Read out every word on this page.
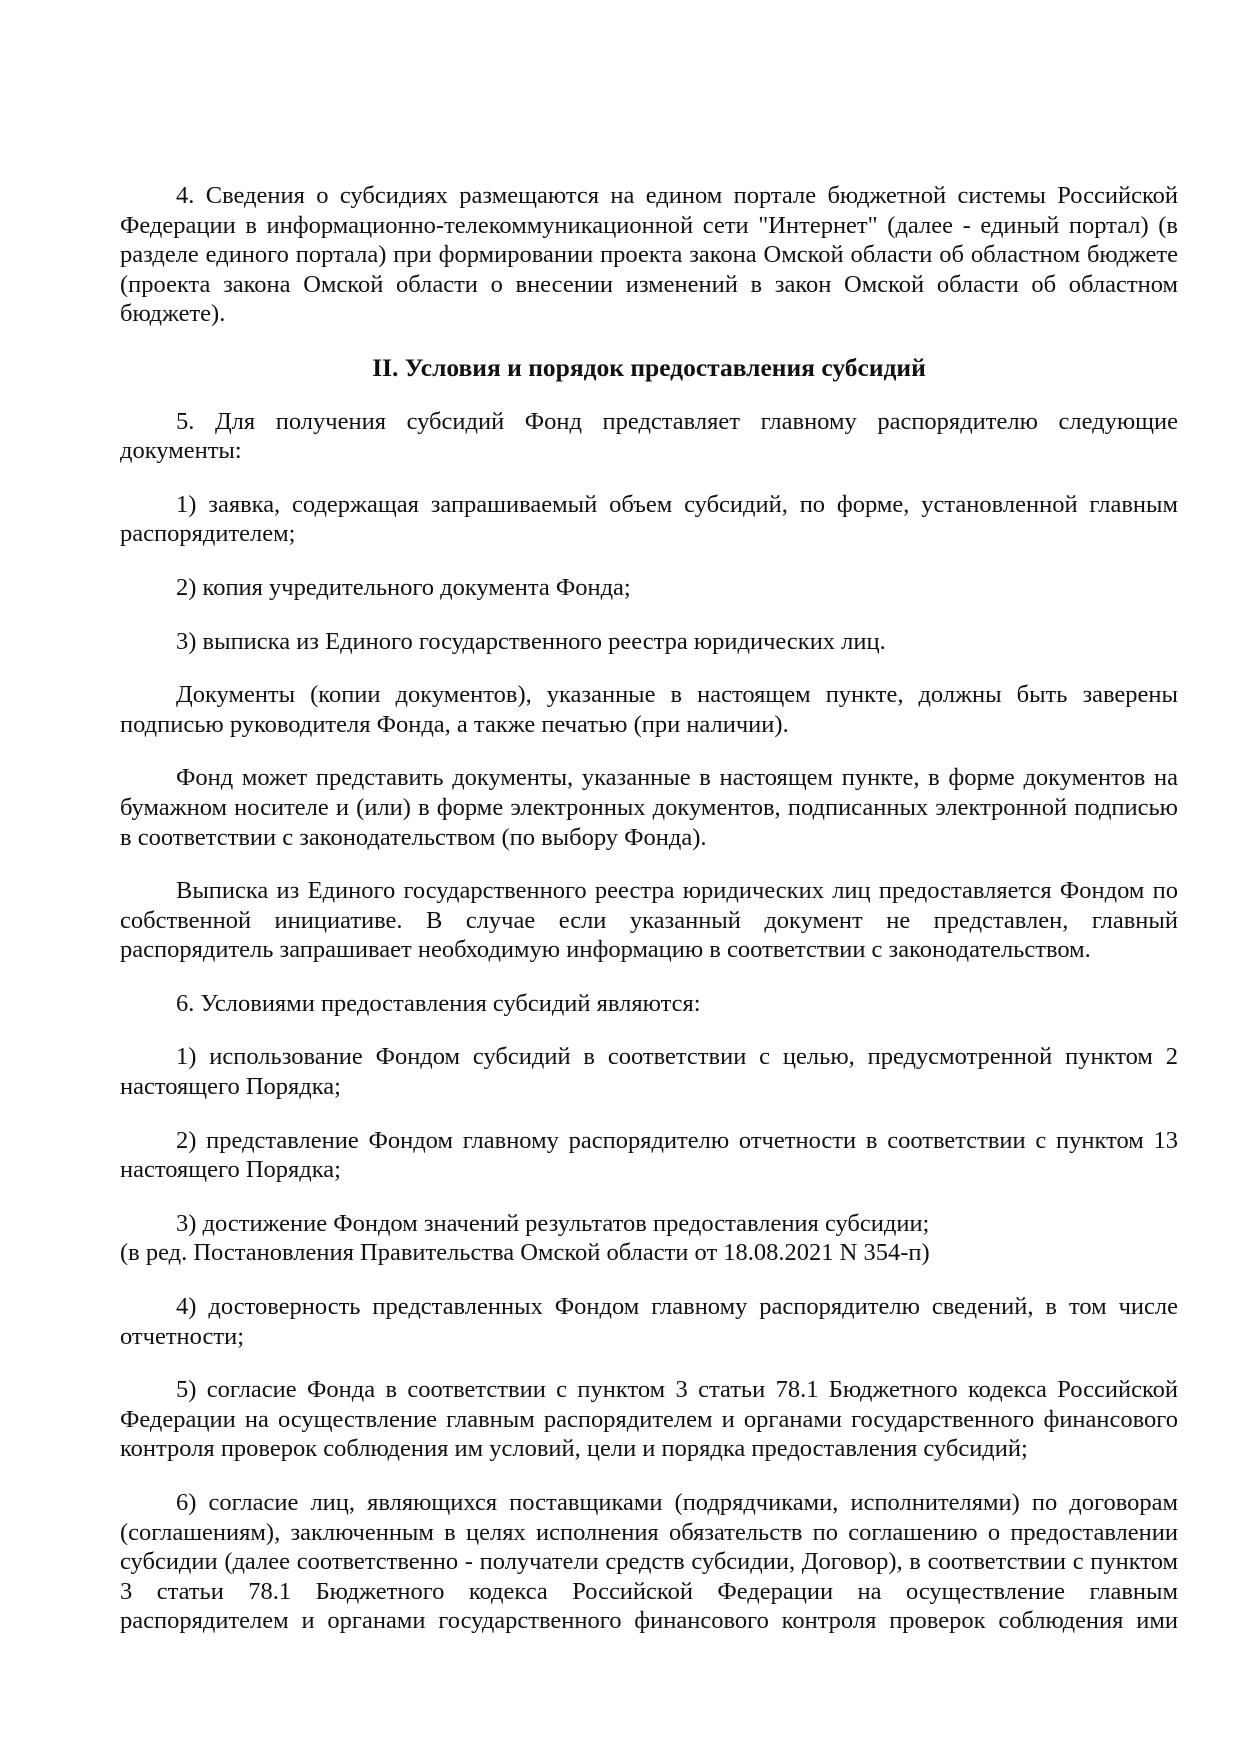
4. Сведения о субсидиях размещаются на едином портале бюджетной системы Российской Федерации в информационно-телекоммуникационной сети "Интернет" (далее - единый портал) (в разделе единого портала) при формировании проекта закона Омской области об областном бюджете (проекта закона Омской области о внесении изменений в закон Омской области об областном бюджете).

II. Условия и порядок предоставления субсидий

5. Для получения субсидий Фонд представляет главному распорядителю следующие документы:

1) заявка, содержащая запрашиваемый объем субсидий, по форме, установленной главным распорядителем;

2) копия учредительного документа Фонда;

3) выписка из Единого государственного реестра юридических лиц.

Документы (копии документов), указанные в настоящем пункте, должны быть заверены подписью руководителя Фонда, а также печатью (при наличии).

Фонд может представить документы, указанные в настоящем пункте, в форме документов на бумажном носителе и (или) в форме электронных документов, подписанных электронной подписью в соответствии с законодательством (по выбору Фонда).

Выписка из Единого государственного реестра юридических лиц предоставляется Фондом по собственной инициативе. В случае если указанный документ не представлен, главный распорядитель запрашивает необходимую информацию в соответствии с законодательством.

6. Условиями предоставления субсидий являются:

1) использование Фондом субсидий в соответствии с целью, предусмотренной пунктом 2 настоящего Порядка;

2) представление Фондом главному распорядителю отчетности в соответствии с пунктом 13 настоящего Порядка;

3) достижение Фондом значений результатов предоставления субсидии;

(в ред. Постановления Правительства Омской области от 18.08.2021 N 354-п)

4) достоверность представленных Фондом главному распорядителю сведений, в том числе отчетности;

5) согласие Фонда в соответствии с пунктом 3 статьи 78.1 Бюджетного кодекса Российской Федерации на осуществление главным распорядителем и органами государственного финансового контроля проверок соблюдения им условий, цели и порядка предоставления субсидий;

6) согласие лиц, являющихся поставщиками (подрядчиками, исполнителями) по договорам (соглашениям), заключенным в целях исполнения обязательств по соглашению о предоставлении субсидии (далее соответственно - получатели средств субсидии, Договор), в соответствии с пунктом 3 статьи 78.1 Бюджетного кодекса Российской Федерации на осуществление главным распорядителем и органами государственного финансового контроля проверок соблюдения ими
